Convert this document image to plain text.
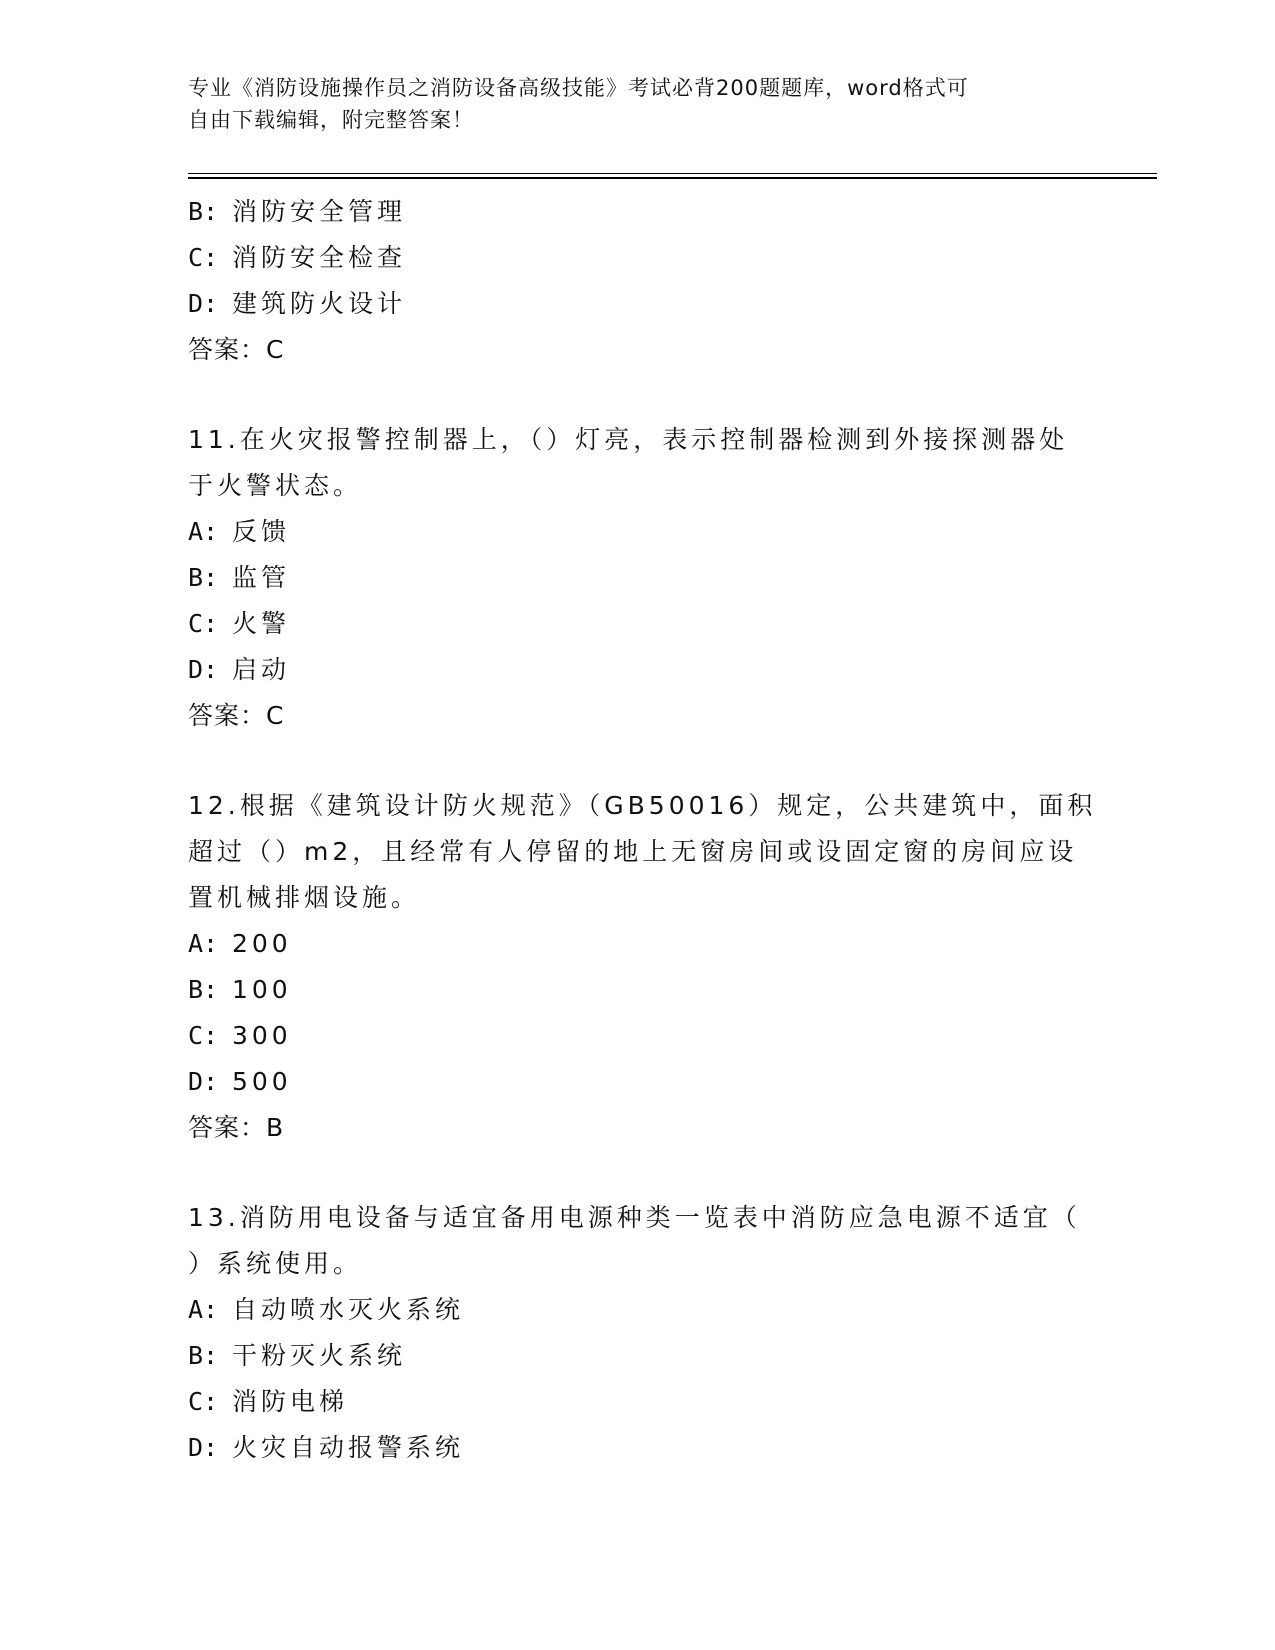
专业《消防设施操作员之消防设备高级技能》考试必背200题题库，word格式可
自由下载编辑，附完整答案！
B: 消防安全管理
C: 消防安全检查
D: 建筑防火设计
答案：C
11.在火灾报警控制器上，（）灯亮，表示控制器检测到外接探测器处
于火警状态。
A: 反馈
B: 监管
C: 火警
D: 启动
答案：C
12.根据《建筑设计防火规范》（GB50016）规定，公共建筑中，面积
超过（）m2，且经常有人停留的地上无窗房间或设固定窗的房间应设
置机械排烟设施。
A: 200
B: 100
C: 300
D: 500
答案：B
13.消防用电设备与适宜备用电源种类一览表中消防应急电源不适宜（
）系统使用。
A: 自动喷水灭火系统
B: 干粉灭火系统
C: 消防电梯
D: 火灾自动报警系统
